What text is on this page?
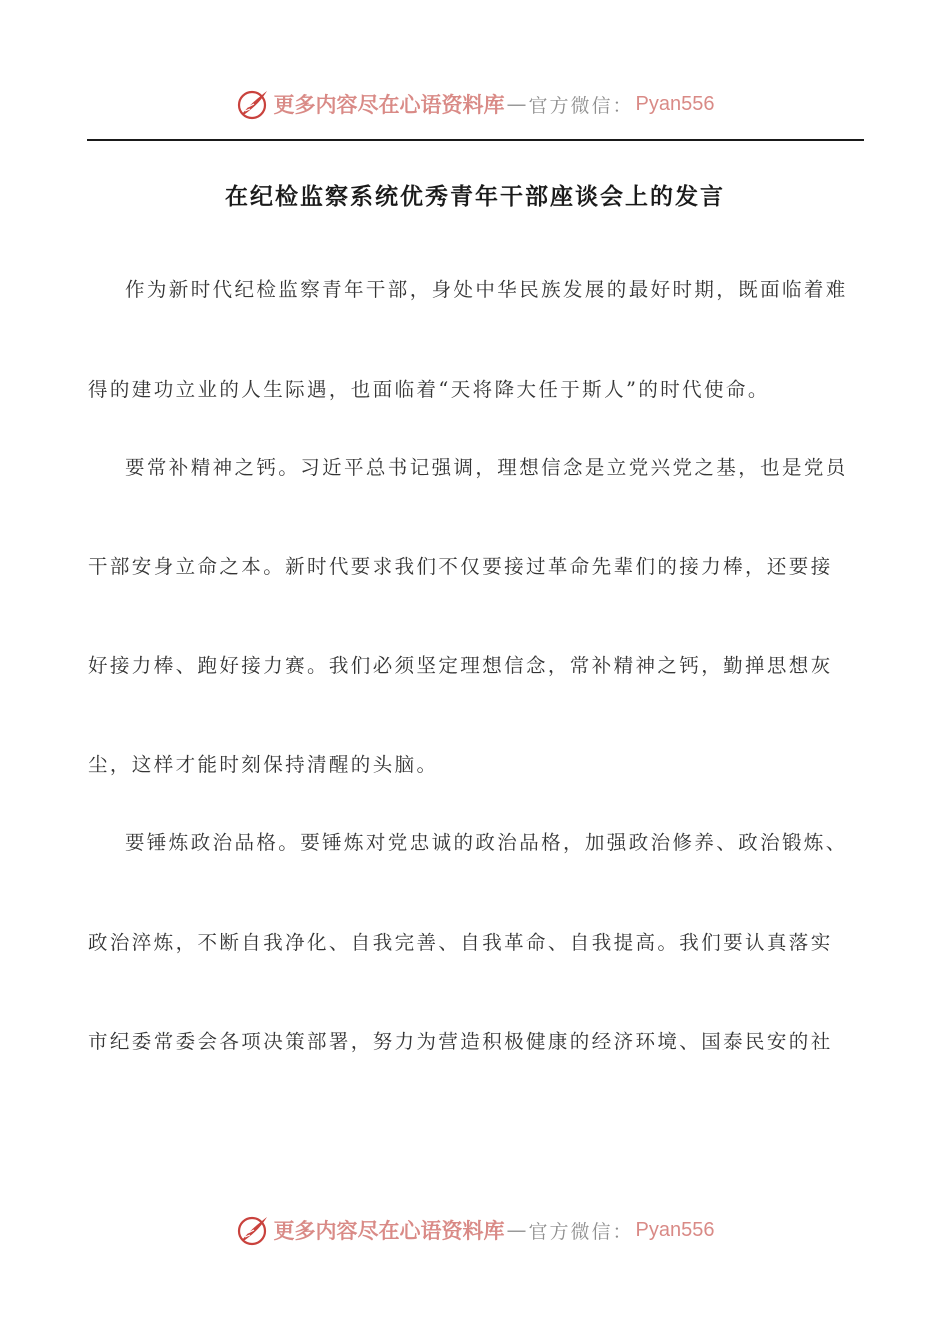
更多内容尽在心语资料库 — 官方微信： Pyan556
在纪检监察系统优秀青年干部座谈会上的发言
作为新时代纪检监察青年干部，身处中华民族发展的最好时期，既面临着难
得的建功立业的人生际遇，也面临着“天将降大任于斯人”的时代使命。
要常补精神之钙。习近平总书记强调，理想信念是立党兴党之基，也是党员
干部安身立命之本。新时代要求我们不仅要接过革命先辈们的接力棒，还要接
好接力棒、跑好接力赛。我们必须坚定理想信念，常补精神之钙，勤掸思想灰
尘，这样才能时刻保持清醒的头脑。
要锤炼政治品格。要锤炼对党忠诚的政治品格，加强政治修养、政治锻炼、
政治淬炼，不断自我净化、自我完善、自我革命、自我提高。我们要认真落实
市纪委常委会各项决策部署，努力为营造积极健康的经济环境、国泰民安的社
更多内容尽在心语资料库 — 官方微信： Pyan556
